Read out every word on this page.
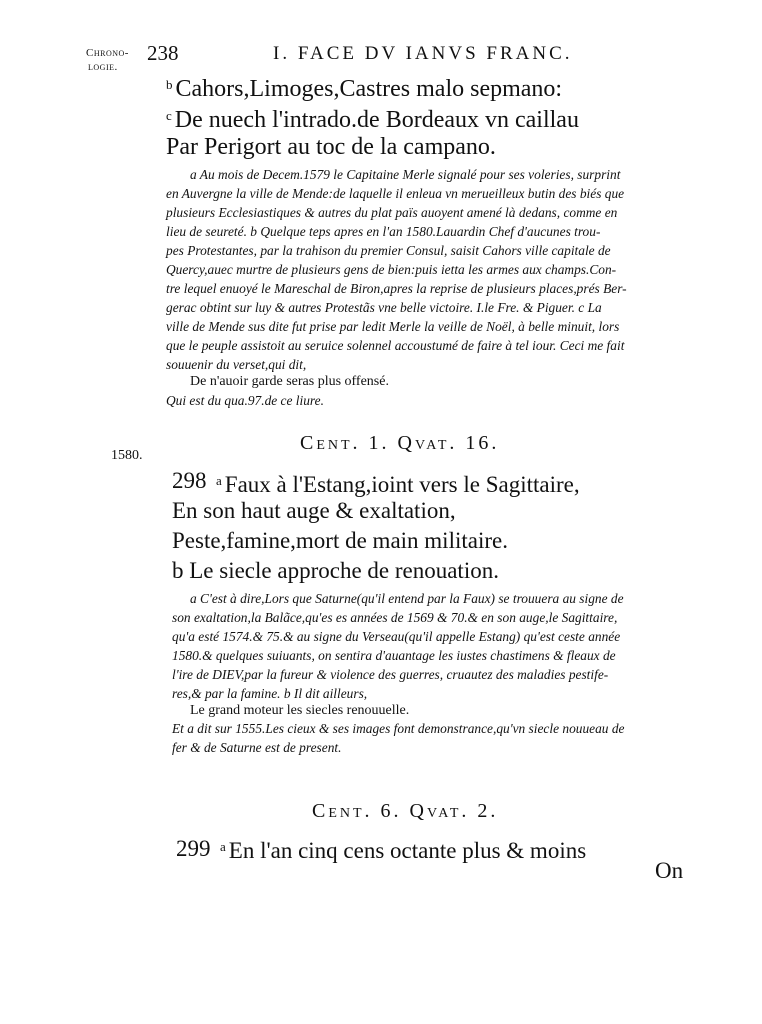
Chrono-
logie.
1580.
238	I. FACE DV IANVS FRANC.
$^b$ Cahors,Limoges,Castres malo sepmano:
$^c$ De nuech l'intrado.de Bordeaux vn caillau
Par Perigort au toc de la campano.
a Au mois de Decem.1579 le Capitaine Merle signalé pour ses voleries, surprint
en Auvergne la ville de Mende:de laquelle il enleua vn merueilleux butin des biés que
plusieurs Ecclesiastiques & autres du plat païs auoyent amené là dedans, comme en
lieu de seureté. b Quelque teps apres en l'an 1580.Lauardin Chef d'aucunes trou-
pes Protestantes, par la trahison du premier Consul, saisit Cahors ville capitale de
Quercy,auec murtre de plusieurs gens de bien:puis ietta les armes aux champs.Con-
tre lequel enuoyé le Mareschal de Biron,apres la reprise de plusieurs places,prés Ber-
gerac obtint sur luy & autres Protestãs vne belle victoire. I.le Fre. & Piguer. c La
ville de Mende sus dite fut prise par ledit Merle la veille de Noël, à belle minuit, lors
que le peuple assistoit au seruice solennel accoustumé de faire à tel iour. Ceci me fait
souuenir du verset,qui dit,
De n'auoir garde seras plus offensé.
Qui est du qua.97.de ce liure.
Cent. 1. Qvat. 16.
298 $^a$ Faux à l'Estang,ioint vers le Sagittaire,
En son haut auge & exaltation,
Peste,famine,mort de main militaire.
b Le siecle approche de renouation.
a C'est à dire,Lors que Saturne(qu'il entend par la Faux) se trouuera au signe de
son exaltation,la Balãce,qu'es es années de 1569 & 70.& en son auge,le Sagittaire,
qu'a esté 1574.& 75.& au signe du Verseau(qu'il appelle Estang) qu'est ceste année
1580.& quelques suiuants, on sentira d'auantage les iustes chastimens & fleaux de
l'ire de DIEV,par la fureur & violence des guerres, cruautez des maladies pestife-
res,& par la famine. b Il dit ailleurs,
Le grand moteur les siecles renouuelle.
Et a dit sur 1555.Les cieux & ses images font demonstrance,qu'vn siecle nouueau de
fer & de Saturne est de present.
Cent. 6. Qvat. 2.
299 $^a$ En l'an cinq cens octante plus & moins
On
